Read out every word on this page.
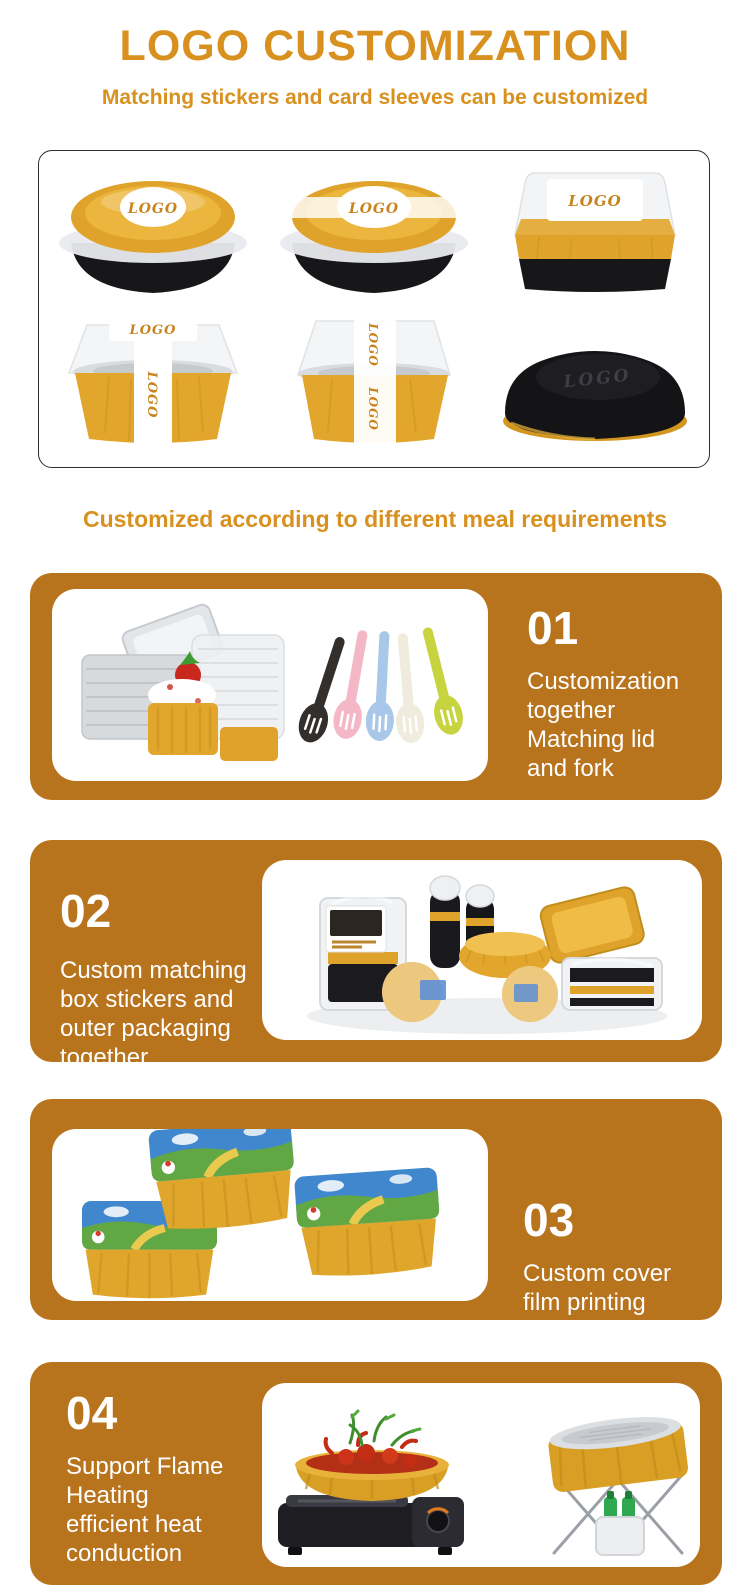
LOGO CUSTOMIZATION
Matching stickers and card sleeves can be customized
LOGO	LOGO	LOGO
LOGO
LOGO
LOGO
LOGO
LOGO
Customized according to different meal requirements
01
Customization
together
Matching lid
and fork
02
Custom matching
box stickers and
outer packaging
together
03
Custom cover
film printing
04
Support Flame
Heating
efficient heat
conduction
